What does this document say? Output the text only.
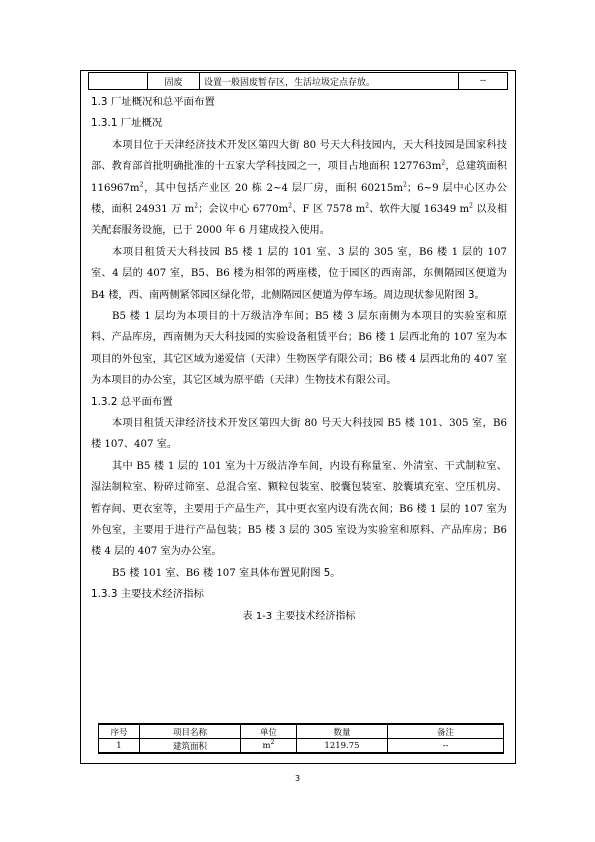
	固废	设置一般固废暂存区，生活垃圾定点存放。	--

1.3 厂址概况和总平面布置

1.3.1 厂址概况

本项目位于天津经济技术开发区第四大街 80 号天大科技园内，天大科技园是国家科技部、教育部首批明确批准的十五家大学科技园之一，项目占地面积 $127763m^2$，总建筑面积 $116967m^2$，其中包括产业区 20 栋 2~4 层厂房，面积 $60215m^2$；6~9 层中心区办公楼，面积 24931 万 $m^2$；会议中心 $6770m^2$、F 区 7578 $m^2$、软件大厦 16349 $m^2$ 以及相关配套服务设施，已于 2000 年 6 月建成投入使用。

本项目租赁天大科技园 B5 楼 1 层的 101 室、3 层的 305 室，B6 楼 1 层的 107 室、4 层的 407 室，B5、B6 楼为相邻的两座楼，位于园区的西南部，东侧隔园区便道为 B4 楼，西、南两侧紧邻园区绿化带，北侧隔园区便道为停车场。周边现状参见附图 3。

B5 楼 1 层均为本项目的十万级洁净车间；B5 楼 3 层东南侧为本项目的实验室和原料、产品库房，西南侧为天大科技园的实验设备租赁平台；B6 楼 1 层西北角的 107 室为本项目的外包室，其它区域为递爱信（天津）生物医学有限公司；B6 楼 4 层西北角的 407 室为本项目的办公室，其它区域为原平皓（天津）生物技术有限公司。

1.3.2 总平面布置

本项目租赁天津经济技术开发区第四大街 80 号天大科技园 B5 楼 101、305 室，B6 楼 107、407 室。

其中 B5 楼 1 层的 101 室为十万级洁净车间，内设有称量室、外清室、干式制粒室、湿法制粒室、粉碎过筛室、总混合室、颗粒包装室、胶囊包装室、胶囊填充室、空压机房、暂存间、更衣室等，主要用于产品生产，其中更衣室内设有洗衣间；B6 楼 1 层的 107 室为外包室，主要用于进行产品包装；B5 楼 3 层的 305 室设为实验室和原料、产品库房；B6 楼 4 层的 407 室为办公室。

B5 楼 101 室、B6 楼 107 室具体布置见附图 5。

1.3.3 主要技术经济指标

表 1-3 主要技术经济指标

序号	项目名称	单位	数量	备注
1	建筑面积	$m^2$	1219.75	--
3
